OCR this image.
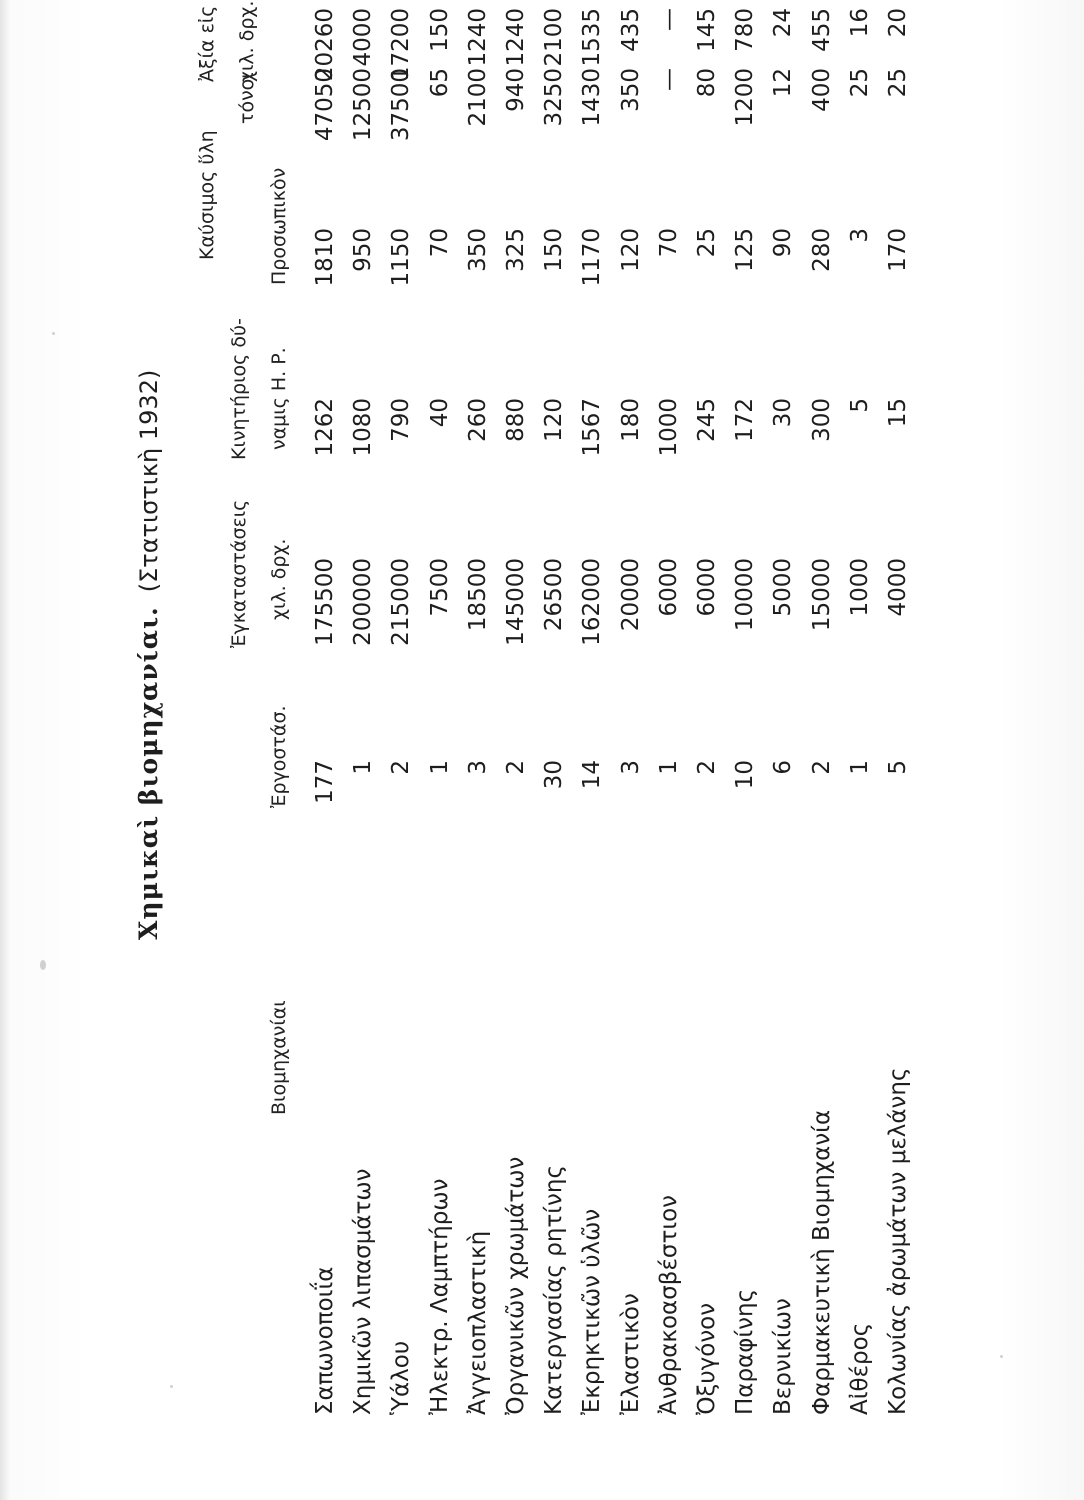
Χημικαὶ βιομηχανίαι.(Στατιστικὴ 1932)
Βιομηχανίαι
Ἐργοστάσ.
Ἐγκαταστάσεις χιλ. δρχ.
Κινητήριος δύ- ναμις Η. Ρ.
Προσωπικὸν
Καύσιμος ὕλη
τόνοι
Ἀξία εἰς χιλ. δρχ.
Σαπωνοποιΐα
177
175500
1262
1810
47050
20260
Χημικῶν λιπασμάτων
1
200000
1080
950
12500
4000
Ὑάλου
2
215000
790
1150
37500
17200
Ἠλεκτρ. Λαμπτήρων
1
7500
40
70
65
150
Ἀγγειοπλαστικὴ
3
18500
260
350
2100
1240
Ὀργανικῶν χρωμάτων
2
145000
880
325
940
1240
Κατεργασίας ρητίνης
30
26500
120
150
3250
2100
Ἐκρηκτικῶν ὑλῶν
14
162000
1567
1170
1430
1535
Ἐλαστικὸν
3
20000
180
120
350
435
Ἀνθρακοασβέστιον
1
6000
1000
70
—
—
Ὀξυγόνον
2
6000
245
25
80
145
Παραφίνης
10
10000
172
125
1200
780
Βερνικίων
6
5000
30
90
12
24
Φαρμακευτικὴ Βιομηχανία
2
15000
300
280
400
455
Αἰθέρος
1
1000
5
3
25
16
Κολωνίας ἀρωμάτων μελάνης
5
4000
15
170
25
20
